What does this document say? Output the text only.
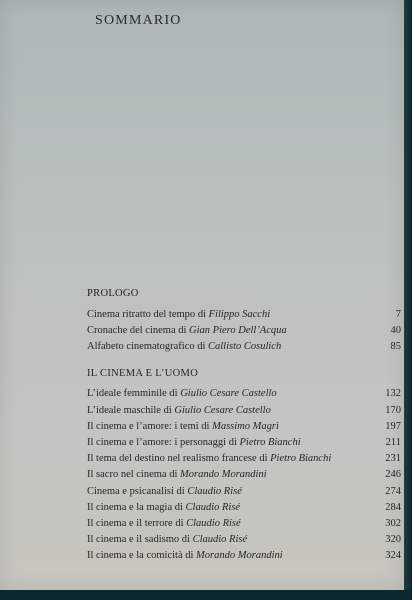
SOMMARIO
PROLOGO
Cinema ritratto del tempo di Filippo Sacchi	7
Cronache del cinema di Gian Piero Dell’Acqua	40
Alfabeto cinematografico di Callisto Cosulich	85
IL CINEMA E L’UOMO
L’ideale femminile di Giulio Cesare Castello	132
L’ideale maschile di Giulio Cesare Castello	170
Il cinema e l’amore: i temi di Massimo Magrì	197
Il cinema e l’amore: i personaggi di Pietro Bianchi	211
Il tema del destino nel realismo francese di Pietro Bianchi	231
Il sacro nel cinema di Morando Morandini	246
Cinema e psicanalisi di Claudio Risé	274
Il cinema e la magìa di Claudio Risé	284
Il cinema e il terrore di Claudio Risé	302
Il cinema e il sadismo di Claudio Risé	320
Il cinema e la comicità di Morando Morandini	324
